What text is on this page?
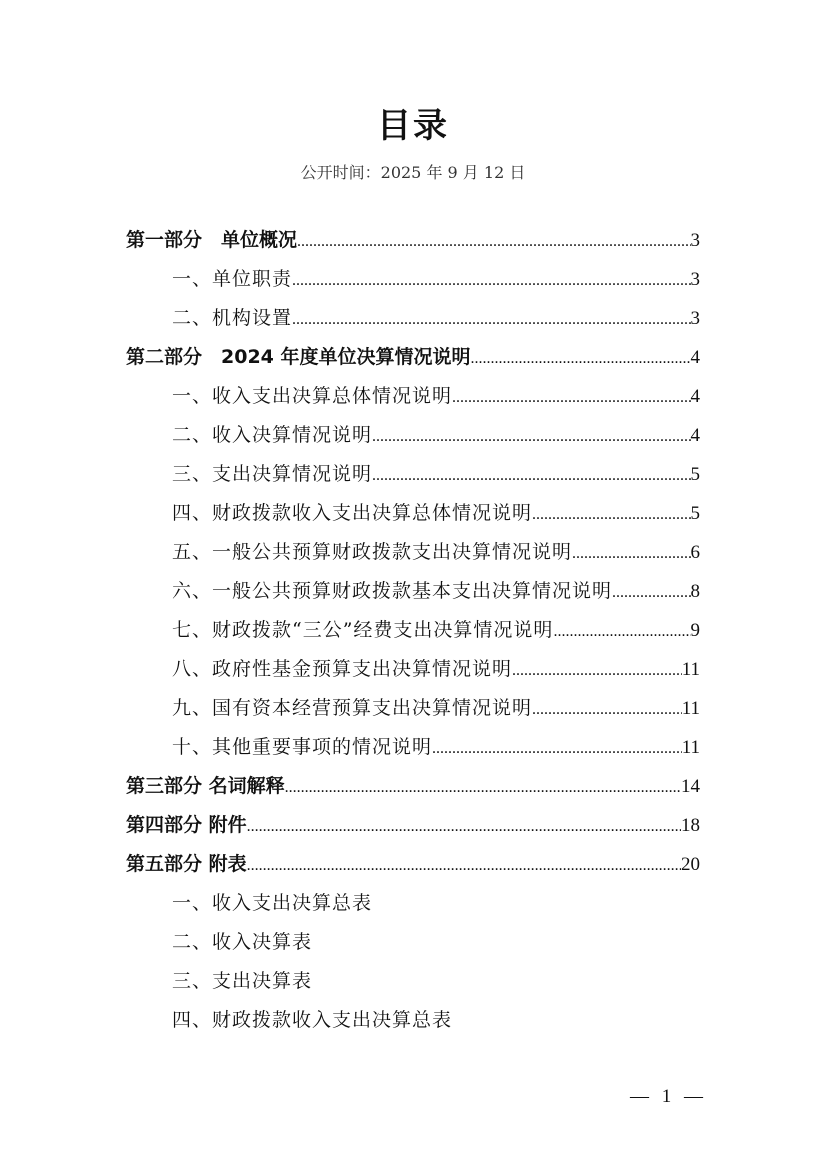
目录
公开时间：2025 年 9 月 12 日
第一部分　单位概况 .....	3
一、单位职责 .....	3
二、机构设置 .....	3
第二部分　2024 年度单位决算情况说明 .....	4
一、收入支出决算总体情况说明 .....	4
二、收入决算情况说明 .....	4
三、支出决算情况说明 .....	5
四、财政拨款收入支出决算总体情况说明 .....	5
五、一般公共预算财政拨款支出决算情况说明 .....	6
六、一般公共预算财政拨款基本支出决算情况说明 .....	8
七、财政拨款“三公”经费支出决算情况说明 .....	9
八、政府性基金预算支出决算情况说明 .....	11
九、国有资本经营预算支出决算情况说明 .....	11
十、其他重要事项的情况说明 .....	11
第三部分 名词解释 .....	14
第四部分 附件 .....	18
第五部分 附表 .....	20
一、收入支出决算总表
二、收入决算表
三、支出决算表
四、财政拨款收入支出决算总表
— 1 —
